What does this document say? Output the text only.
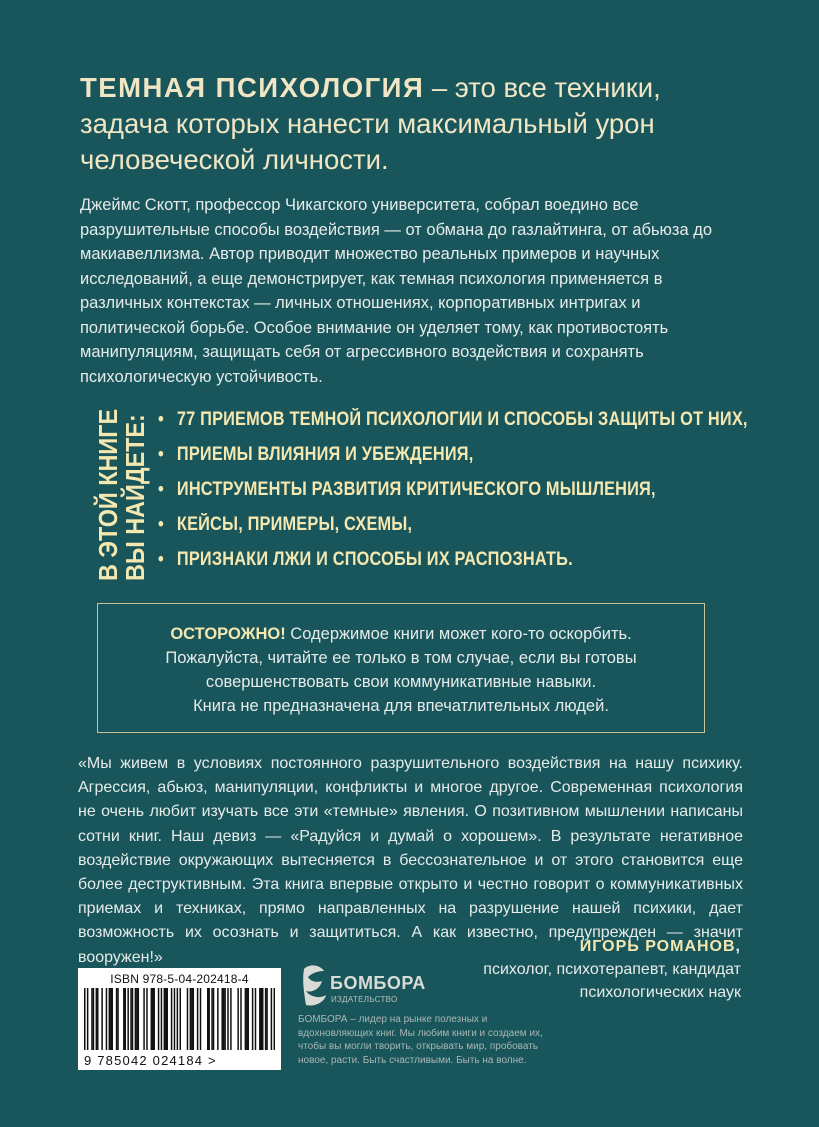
ТЕМНАЯ ПСИХОЛОГИЯ – это все техники,
задача которых нанести максимальный урон
человеческой личности.

Джеймс Скотт, профессор Чикагского университета, собрал воедино все разрушительные способы воздействия — от обмана до газлайтинга, от абьюза до макиавеллизма. Автор приводит множество реальных примеров и научных исследований, а еще демонстрирует, как темная психология применяется в различных контекстах — личных отношениях, корпоративных интригах и политической борьбе. Особое внимание он уделяет тому, как противостоять манипуляциям, защищать себя от агрессивного воздействия и сохранять психологическую устойчивость.

В ЭТОЙ КНИГЕ
ВЫ НАЙДЕТЕ: • 77 ПРИЕМОВ ТЕМНОЙ ПСИХОЛОГИИ И СПОСОБЫ ЗАЩИТЫ ОТ НИХ,
• ПРИЕМЫ ВЛИЯНИЯ И УБЕЖДЕНИЯ,
• ИНСТРУМЕНТЫ РАЗВИТИЯ КРИТИЧЕСКОГО МЫШЛЕНИЯ,
• КЕЙСЫ, ПРИМЕРЫ, СХЕМЫ,
• ПРИЗНАКИ ЛЖИ И СПОСОБЫ ИХ РАСПОЗНАТЬ.

ОСТОРОЖНО! Содержимое книги может кого-то оскорбить.

Пожалуйста, читайте ее только в том случае, если вы готовы

совершенствовать свои коммуникативные навыки.

Книга не предназначена для впечатлительных людей.

«Мы живем в условиях постоянного разрушительного воздействия на нашу психику. Агрессия, абьюз, манипуляции, конфликты и многое другое. Современная психология не очень любит изучать все эти «темные» явления. О позитивном мышлении написаны сотни книг. Наш девиз — «Радуйся и думай о хорошем». В результате негативное воздействие окружающих вытесняется в бессознательное и от этого становится еще более деструктивным. Эта книга впервые открыто и честно говорит о коммуникативных приемах и техниках, прямо направленных на разрушение нашей психики, дает возможность их осознать и защититься. А как известно, предупрежден — значит вооружен!»

ИГОРЬ РОМАНОВ,
психолог, психотерапевт, кандидат
психологических наук
ISBN 978-5-04-202418-4
9 785042 024184 >
БОМБОРА
ИЗДАТЕЛЬСТВО
БОМБОРА – лидер на рынке полезных и вдохновляющих книг. Мы любим книги и создаем их, чтобы вы могли творить, открывать мир, пробовать новое, расти. Быть счастливыми. Быть на волне.
